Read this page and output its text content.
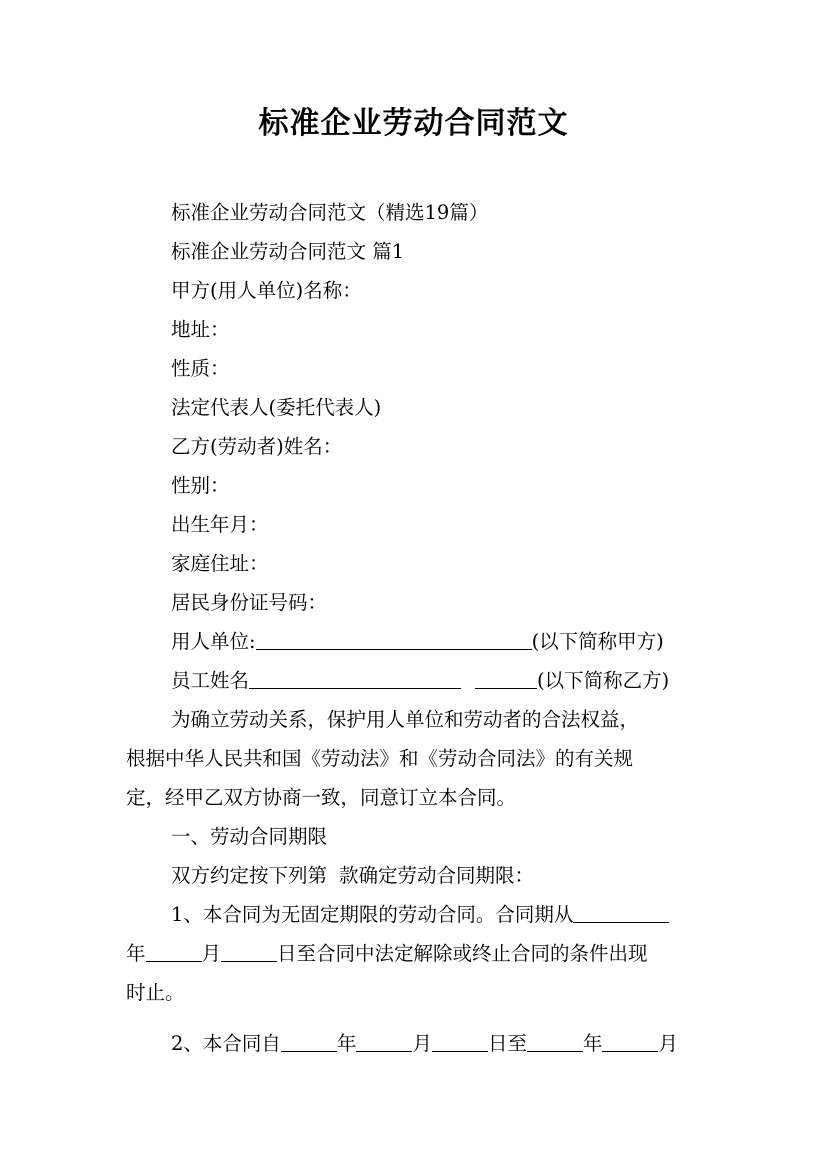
标准企业劳动合同范文
标准企业劳动合同范文（精选19篇）
标准企业劳动合同范文 篇1
甲方(用人单位)名称：
地址：
性质：
法定代表人(委托代表人)
乙方(劳动者)姓名：
性别：
出生年月：
家庭住址：
居民身份证号码：
用人单位:	(以下简称甲方)
员工姓名	(以下简称乙方)
为确立劳动关系，保护用人单位和劳动者的合法权益，
根据中华人民共和国《劳动法》和《劳动合同法》的有关规
定，经甲乙双方协商一致，同意订立本合同。
一、劳动合同期限
双方约定按下列第 款确定劳动合同期限：
1、本合同为无固定期限的劳动合同。合同期从
年	月	日至合同中法定解除或终止合同的条件出现
时止。
2、本合同自	年	月	日至	年	月
